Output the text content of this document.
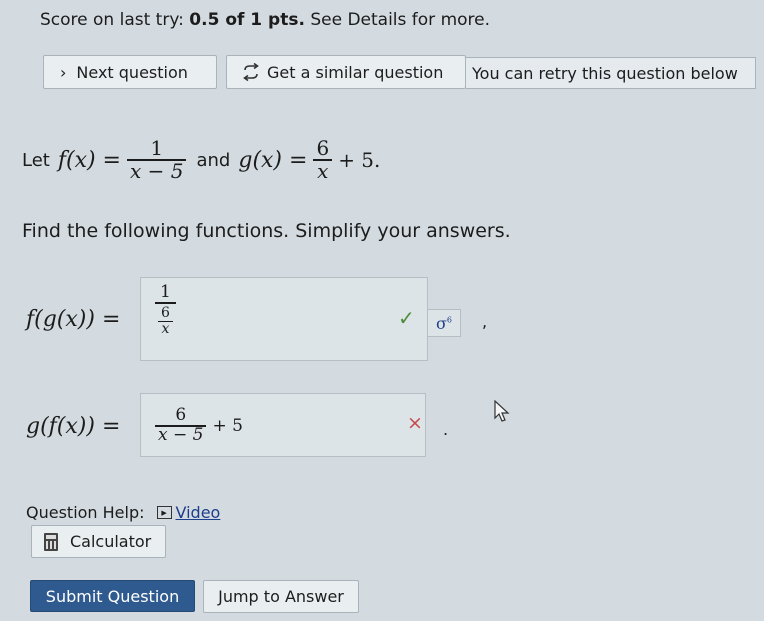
Score on last try: 0.5 of 1 pts. See Details for more.
› Next question	Get a similar question You can retry this question below
Let $f(x) = \frac{1}{x - 5}$ and $g(x) = \frac{6}{x} + 5$.
Find the following functions. Simplify your answers.
$f(g(x)) = \frac{1}{\frac{6}{x}}$	✓ $\sigma^6$ ,
$g(f(x)) = \frac{6}{x - 5} + 5$	× .
Question Help:	▶ Video
Calculator
Submit Question Jump to Answer
